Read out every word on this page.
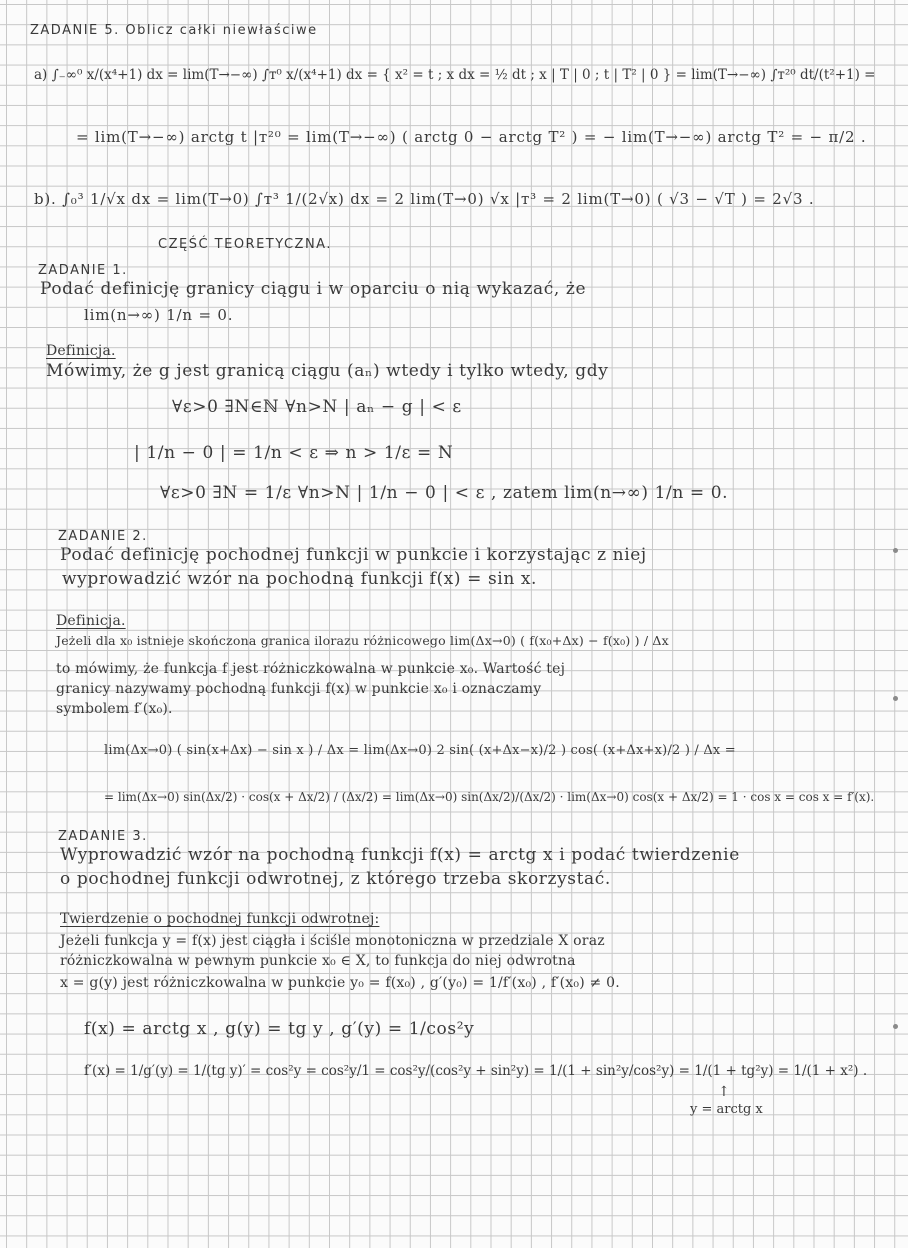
ZADANIE 5. Oblicz całki niewłaściwe
a) ∫₋∞⁰ x/(x⁴+1) dx = lim(T→−∞) ∫ᴛ⁰ x/(x⁴+1) dx = { x² = t ; x dx = ½ dt ; x | T | 0 ; t | T² | 0 } = lim(T→−∞) ∫ᴛ²⁰ dt/(t²+1) =
= lim(T→−∞) arctg t |ᴛ²⁰ = lim(T→−∞) ( arctg 0 − arctg T² ) = − lim(T→−∞) arctg T² = − π/2 .
b). ∫₀³ 1/√x dx = lim(T→0) ∫ᴛ³ 1/(2√x) dx = 2 lim(T→0) √x |ᴛ³ = 2 lim(T→0) ( √3 − √T ) = 2√3 .
CZĘŚĆ TEORETYCZNA.
ZADANIE 1.
Podać definicję granicy ciągu i w oparciu o nią wykazać, że
lim(n→∞) 1/n = 0.
Definicja.
Mówimy, że g jest granicą ciągu (aₙ) wtedy i tylko wtedy, gdy
∀ε>0 ∃N∈ℕ ∀n>N | aₙ − g | < ε
| 1/n − 0 | = 1/n < ε ⇒ n > 1/ε = N
∀ε>0 ∃N = 1/ε ∀n>N | 1/n − 0 | < ε , zatem lim(n→∞) 1/n = 0.
ZADANIE 2.
Podać definicję pochodnej funkcji w punkcie i korzystając z niej
wyprowadzić wzór na pochodną funkcji f(x) = sin x.
Definicja.
Jeżeli dla x₀ istnieje skończona granica ilorazu różnicowego lim(Δx→0) ( f(x₀+Δx) − f(x₀) ) / Δx
to mówimy, że funkcja f jest różniczkowalna w punkcie x₀. Wartość tej
granicy nazywamy pochodną funkcji f(x) w punkcie x₀ i oznaczamy
symbolem f′(x₀).
lim(Δx→0) ( sin(x+Δx) − sin x ) / Δx = lim(Δx→0) 2 sin( (x+Δx−x)/2 ) cos( (x+Δx+x)/2 ) / Δx =
= lim(Δx→0) sin(Δx/2) · cos(x + Δx/2) / (Δx/2) = lim(Δx→0) sin(Δx/2)/(Δx/2) · lim(Δx→0) cos(x + Δx/2) = 1 · cos x = cos x = f′(x).
ZADANIE 3.
Wyprowadzić wzór na pochodną funkcji f(x) = arctg x i podać twierdzenie
o pochodnej funkcji odwrotnej, z którego trzeba skorzystać.
Twierdzenie o pochodnej funkcji odwrotnej:
Jeżeli funkcja y = f(x) jest ciągła i ściśle monotoniczna w przedziale X oraz
różniczkowalna w pewnym punkcie x₀ ∈ X, to funkcja do niej odwrotna
x = g(y) jest różniczkowalna w punkcie y₀ = f(x₀) , g′(y₀) = 1/f′(x₀) , f′(x₀) ≠ 0.
f(x) = arctg x , g(y) = tg y , g′(y) = 1/cos²y
f′(x) = 1/g′(y) = 1/(tg y)′ = cos²y = cos²y/1 = cos²y/(cos²y + sin²y) = 1/(1 + sin²y/cos²y) = 1/(1 + tg²y) = 1/(1 + x²) .
↑
y = arctg x
